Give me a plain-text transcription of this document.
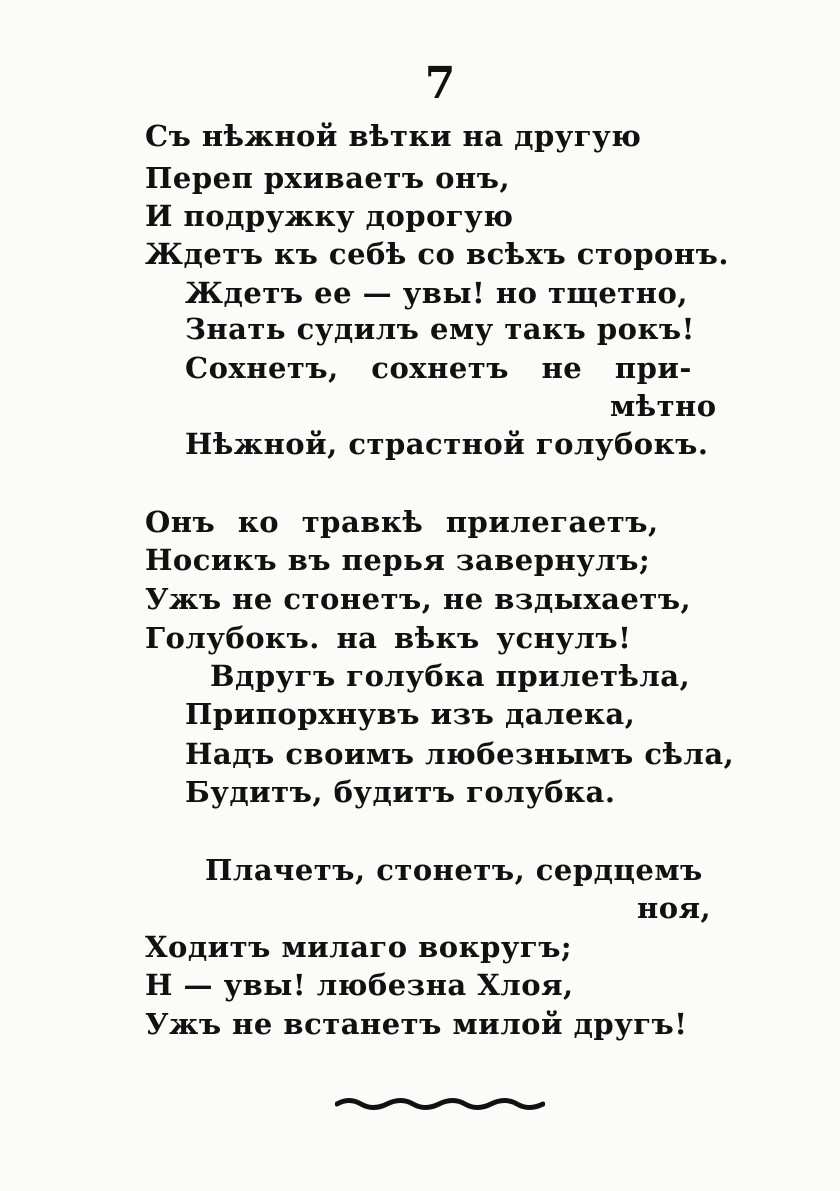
7
Съ нѣжной вѣтки на другую
Переп рхиваетъ онъ,
И подружку дорогую
Ждетъ къ себѣ со всѣхъ сторонъ.
Ждетъ ее — увы! но тщетно,
Знать судилъ ему такъ рокъ!
Сохнетъ, сохнетъ не при-
мѣтно
Нѣжной, страстной голубокъ.
Онъ ко травкѣ прилегаетъ,
Носикъ въ перья завернулъ;
Ужъ не стонетъ, не вздыхаетъ,
Голубокъ. на вѣкъ уснулъ!
Вдругъ голубка прилетѣла,
Припорхнувъ изъ далека,
Надъ своимъ любезнымъ сѣла,
Будитъ, будитъ голубка.
Плачетъ, стонетъ, сердцемъ
ноя,
Ходитъ милаго вокругъ;
Н — увы! любезна Хлоя,
Ужъ не встанетъ милой другъ!
